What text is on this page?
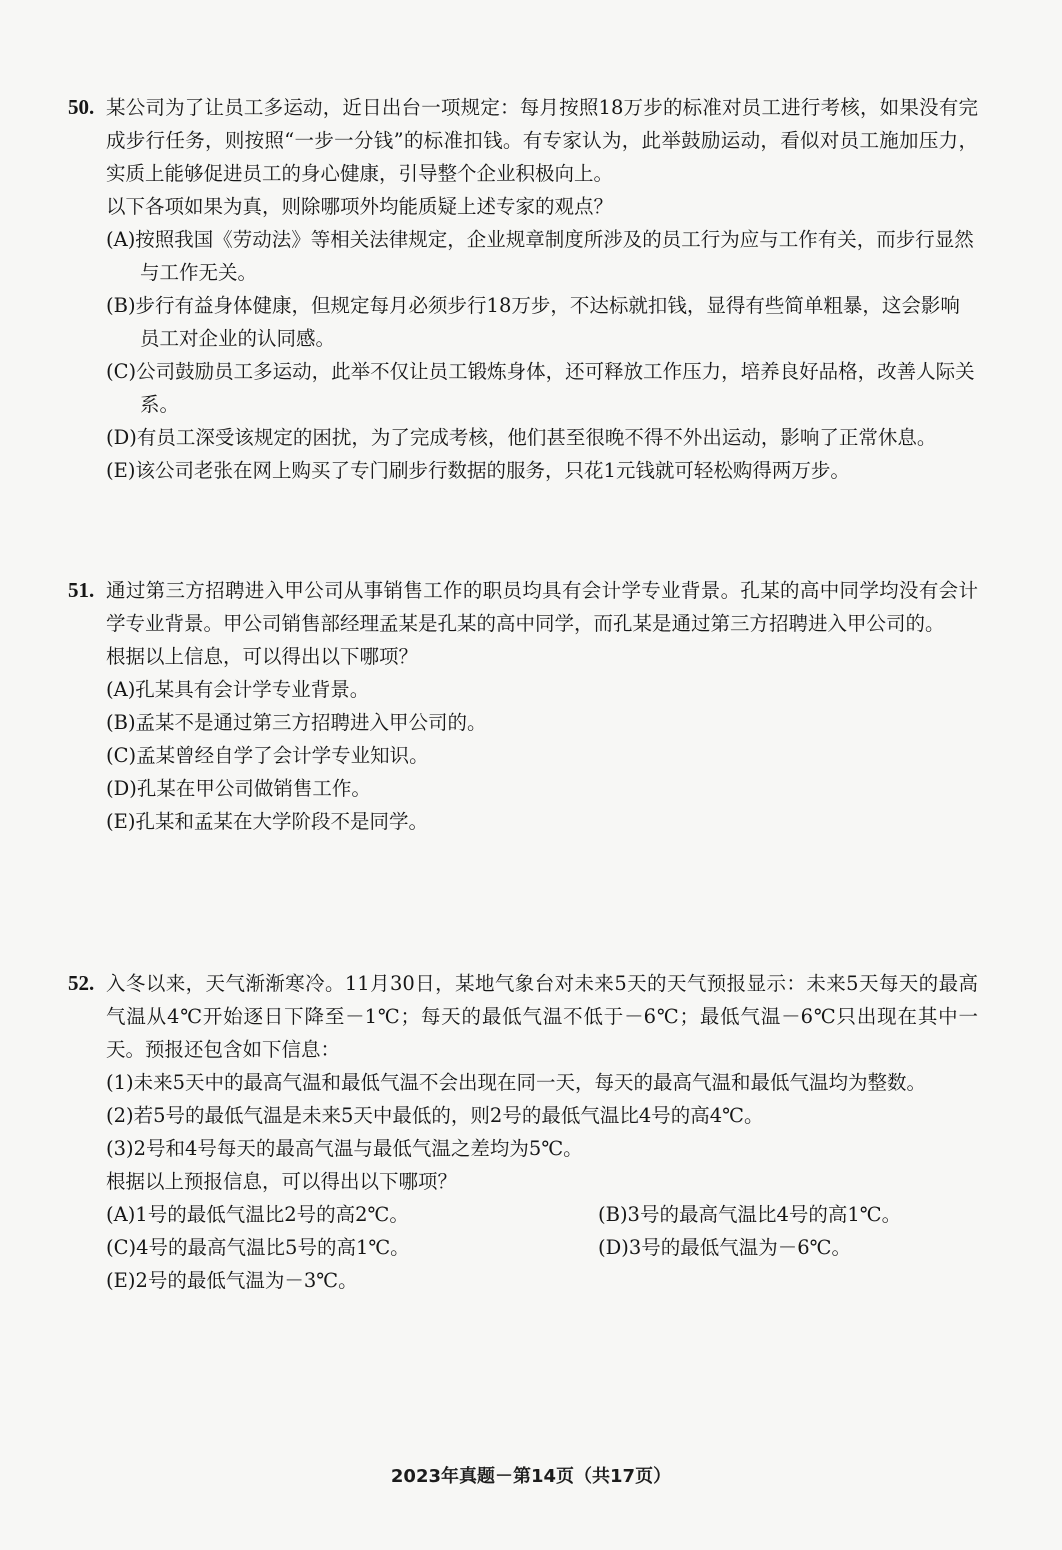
50. 某公司为了让员工多运动，近日出台一项规定：每月按照18万步的标准对员工进行考核，如果没有完成步行任务，则按照“一步一分钱”的标准扣钱。有专家认为，此举鼓励运动，看似对员工施加压力，实质上能够促进员工的身心健康，引导整个企业积极向上。

以下各项如果为真，则除哪项外均能质疑上述专家的观点？

(A)按照我国《劳动法》等相关法律规定，企业规章制度所涉及的员工行为应与工作有关，而步行显然与工作无关。

(B)步行有益身体健康，但规定每月必须步行18万步，不达标就扣钱，显得有些简单粗暴，这会影响员工对企业的认同感。

(C)公司鼓励员工多运动，此举不仅让员工锻炼身体，还可释放工作压力，培养良好品格，改善人际关系。

(D)有员工深受该规定的困扰，为了完成考核，他们甚至很晚不得不外出运动，影响了正常休息。

(E)该公司老张在网上购买了专门刷步行数据的服务，只花1元钱就可轻松购得两万步。

51. 通过第三方招聘进入甲公司从事销售工作的职员均具有会计学专业背景。孔某的高中同学均没有会计学专业背景。甲公司销售部经理孟某是孔某的高中同学，而孔某是通过第三方招聘进入甲公司的。

根据以上信息，可以得出以下哪项？

(A)孔某具有会计学专业背景。

(B)孟某不是通过第三方招聘进入甲公司的。

(C)孟某曾经自学了会计学专业知识。

(D)孔某在甲公司做销售工作。

(E)孔某和孟某在大学阶段不是同学。

52. 入冬以来，天气渐渐寒冷。11月30日，某地气象台对未来5天的天气预报显示：未来5天每天的最高气温从4℃开始逐日下降至－1℃；每天的最低气温不低于－6℃；最低气温－6℃只出现在其中一天。预报还包含如下信息：

(1)未来5天中的最高气温和最低气温不会出现在同一天，每天的最高气温和最低气温均为整数。

(2)若5号的最低气温是未来5天中最低的，则2号的最低气温比4号的高4℃。

(3)2号和4号每天的最高气温与最低气温之差均为5℃。

根据以上预报信息，可以得出以下哪项？

(A)1号的最低气温比2号的高2℃。	(B)3号的最高气温比4号的高1℃。

(C)4号的最高气温比5号的高1℃。	(D)3号的最低气温为－6℃。

(E)2号的最低气温为－3℃。

2023年真题－第14页（共17页）
